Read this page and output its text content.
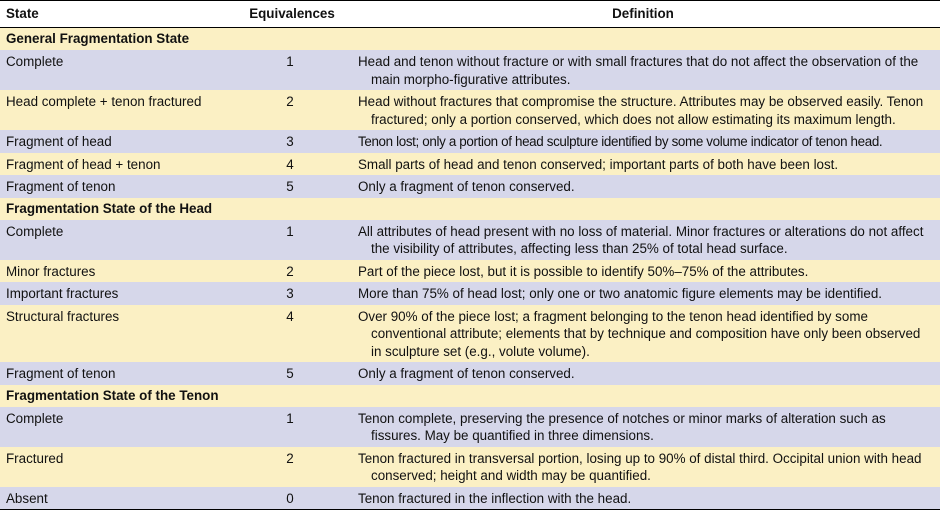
State	Equivalences	Definition
General Fragmentation State		
Complete	1	Head and tenon without fracture or with small fractures that do not affect the observation of the main morpho-figurative attributes.

Head complete + tenon fractured	2	Head without fractures that compromise the structure. Attributes may be observed easily. Tenon fractured; only a portion conserved, which does not allow estimating its maximum length.

Fragment of head	3	Tenon lost; only a portion of head sculpture identified by some volume indicator of tenon head.

Fragment of head + tenon	4	Small parts of head and tenon conserved; important parts of both have been lost.

Fragment of tenon	5	Only a fragment of tenon conserved.

Fragmentation State of the Head		
Complete	1	All attributes of head present with no loss of material. Minor fractures or alterations do not affect the visibility of attributes, affecting less than 25% of total head surface.

Minor fractures	2	Part of the piece lost, but it is possible to identify 50%–75% of the attributes.

Important fractures	3	More than 75% of head lost; only one or two anatomic figure elements may be identified.

Structural fractures	4	Over 90% of the piece lost; a fragment belonging to the tenon head identified by some conventional attribute; elements that by technique and composition have only been observed in sculpture set (e.g., volute volume).

Fragment of tenon	5	Only a fragment of tenon conserved.

Fragmentation State of the Tenon		
Complete	1	Tenon complete, preserving the presence of notches or minor marks of alteration such as fissures. May be quantified in three dimensions.

Fractured	2	Tenon fractured in transversal portion, losing up to 90% of distal third. Occipital union with head conserved; height and width may be quantified.

Absent	0	Tenon fractured in the inflection with the head.
